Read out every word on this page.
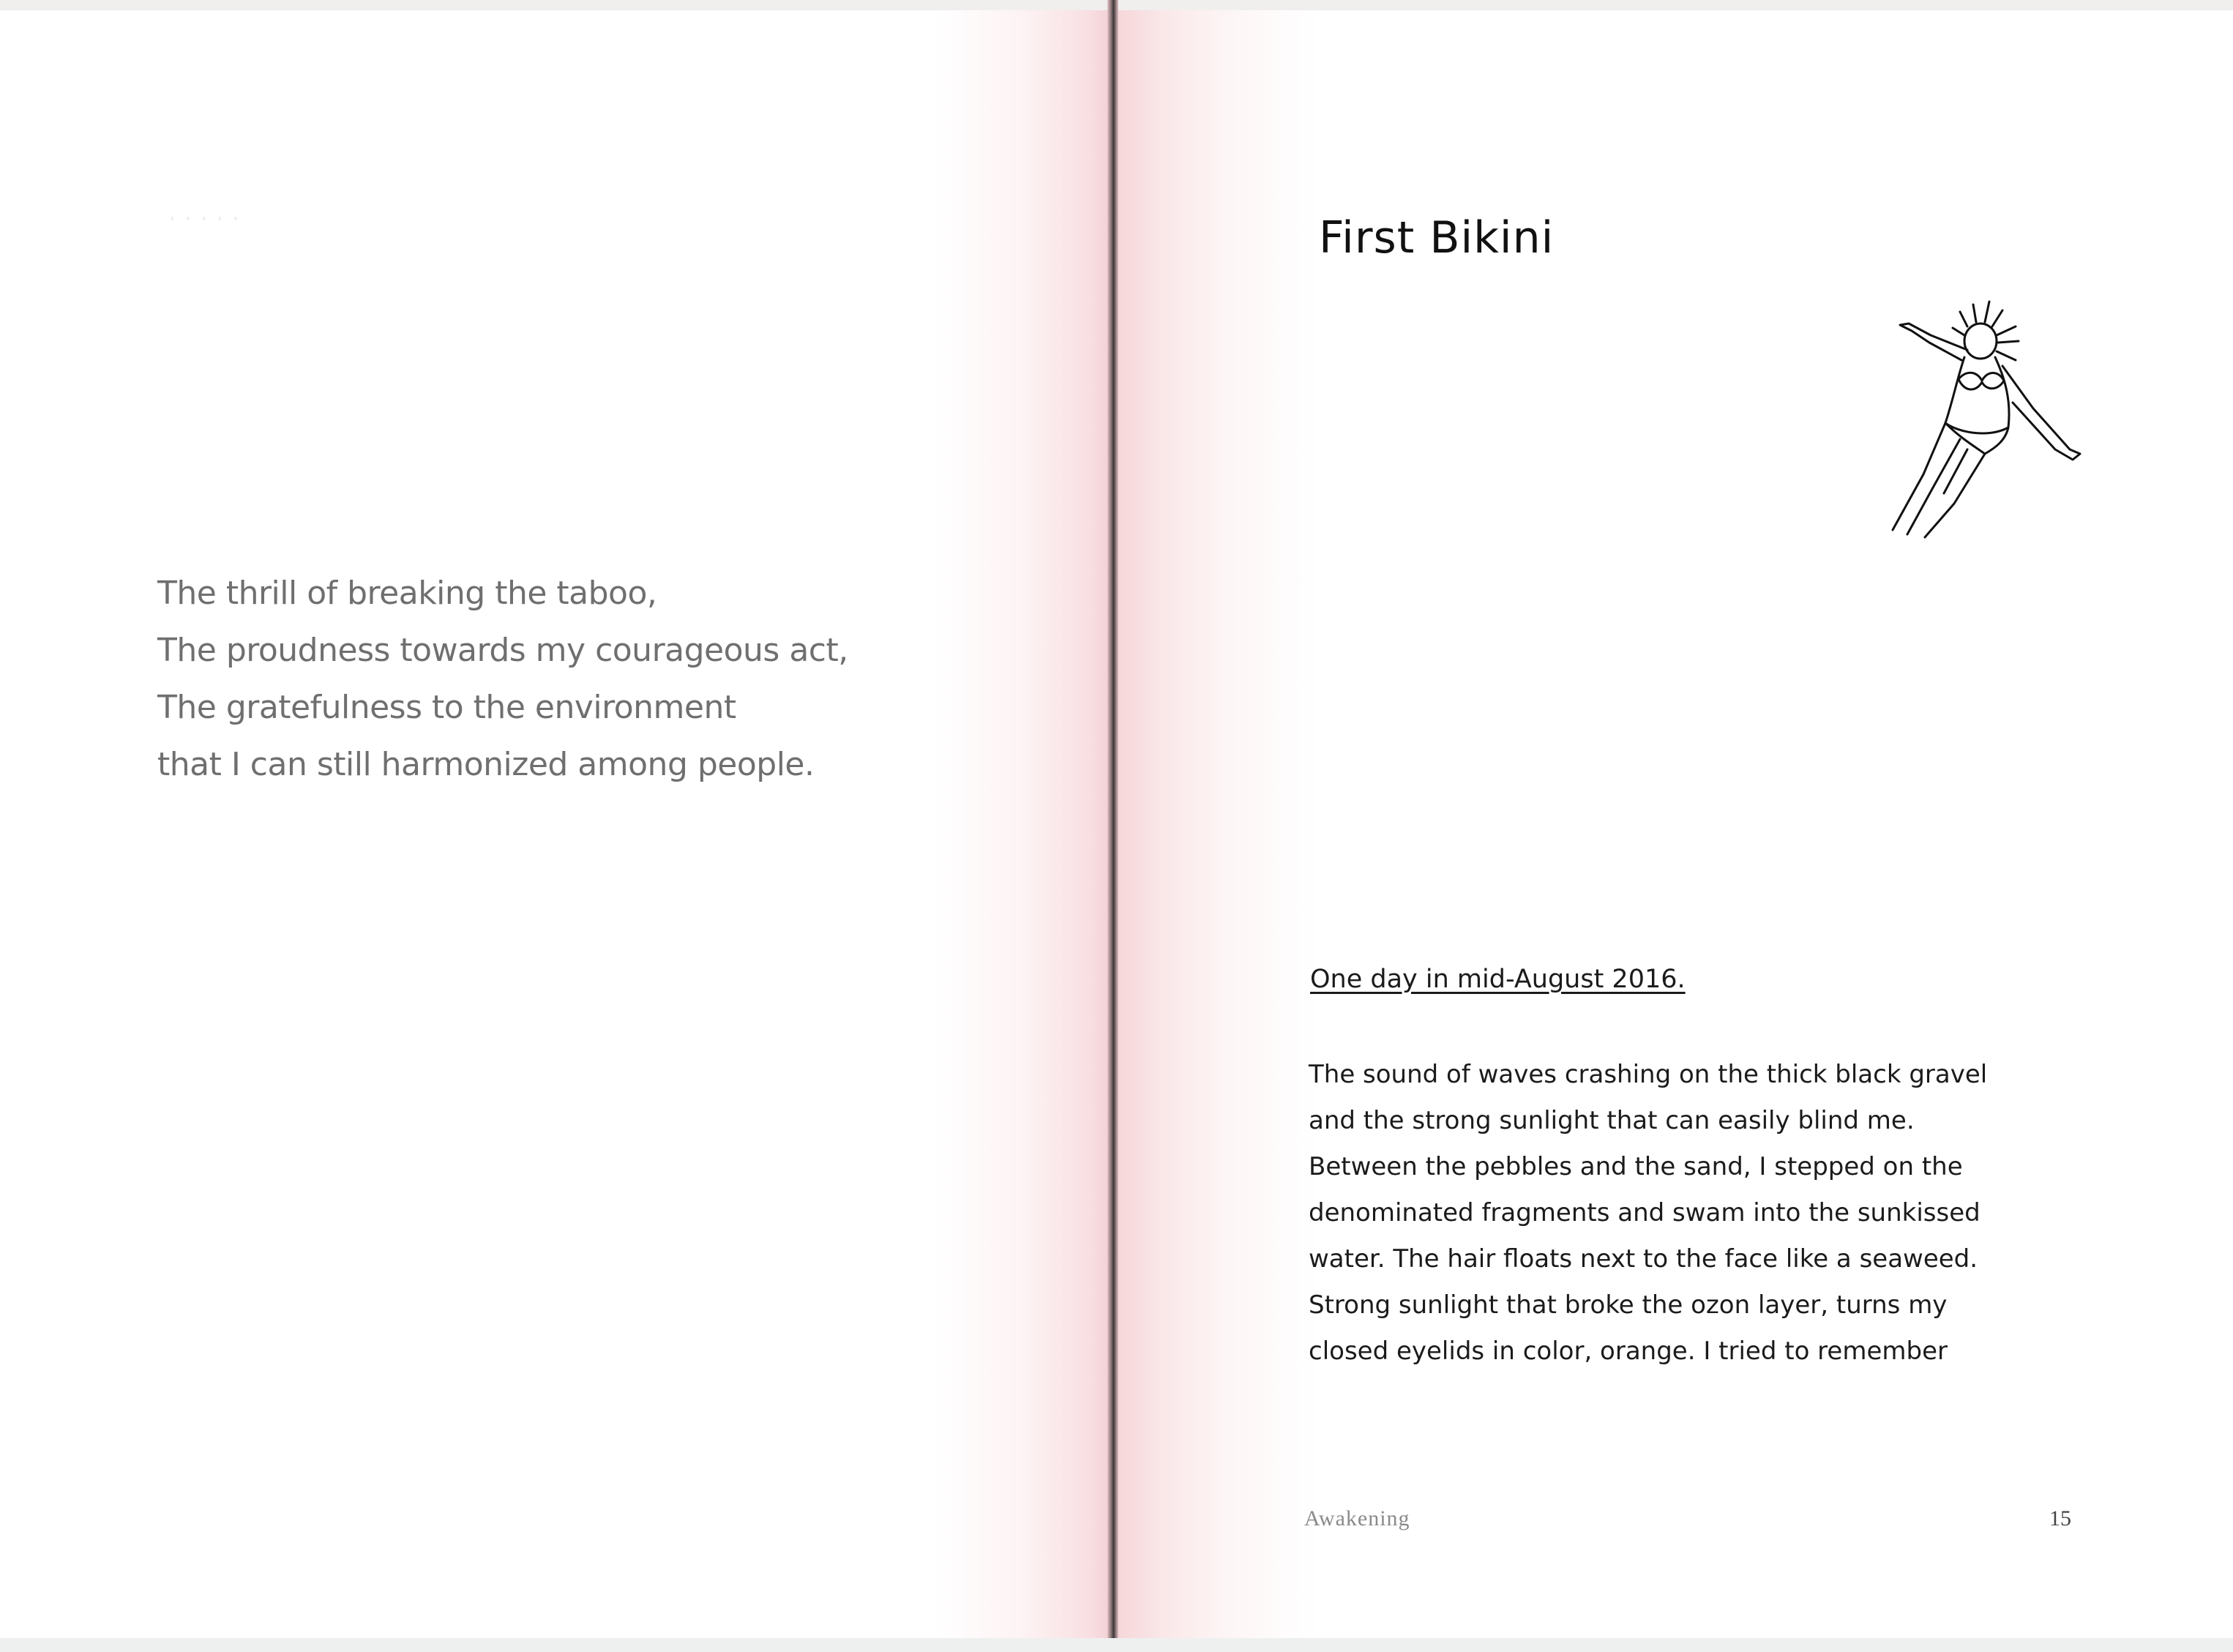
· · · · ·
The thrill of breaking the taboo,
The proudness towards my courageous act,
The gratefulness to the environment
that I can still harmonized among people.
First Bikini
One day in mid-August 2016.
The sound of waves crashing on the thick black gravel
and the strong sunlight that can easily blind me.
Between the pebbles and the sand, I stepped on the
denominated fragments and swam into the sunkissed
water. The hair floats next to the face like a seaweed.
Strong sunlight that broke the ozon layer, turns my
closed eyelids in color, orange. I tried to remember
Awakening	15
